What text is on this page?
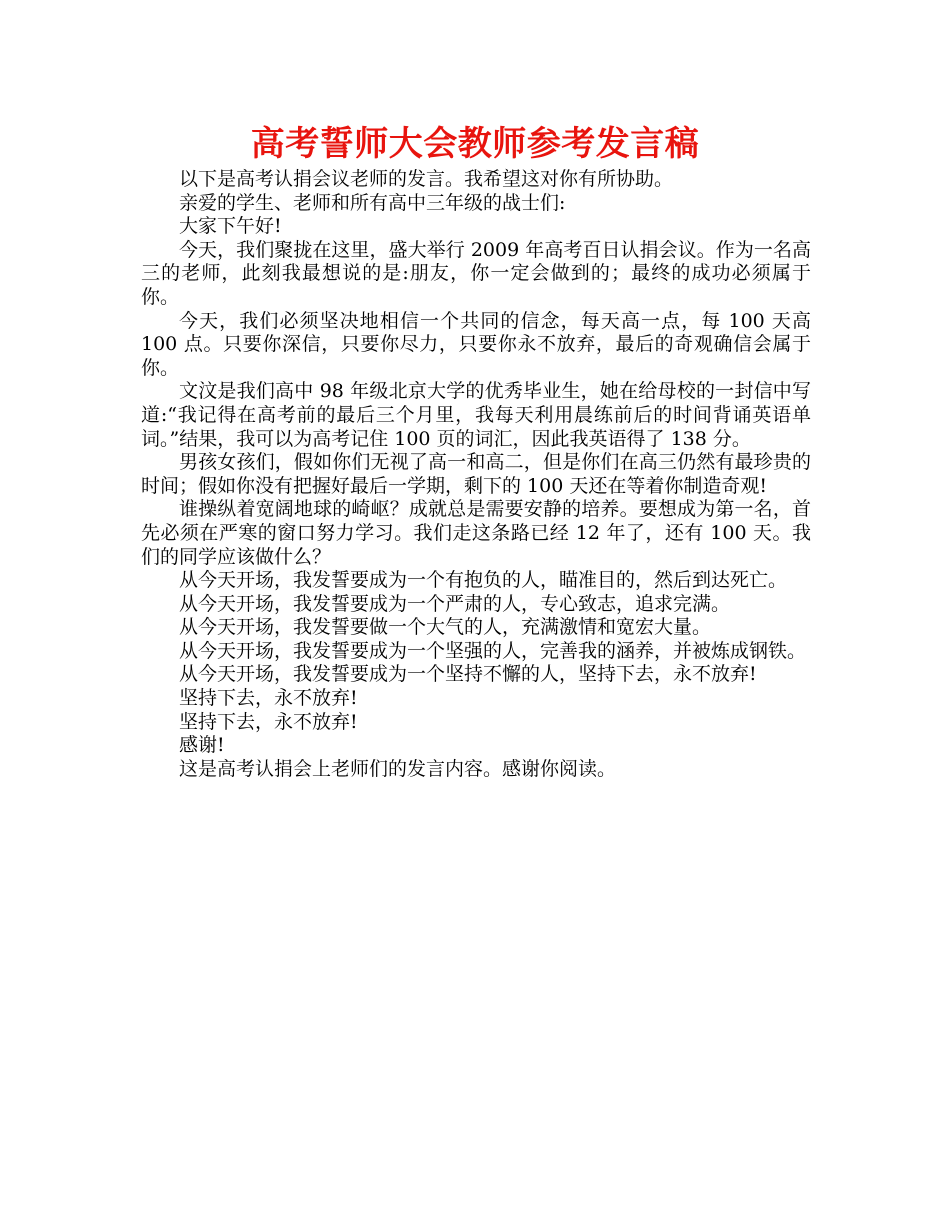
高考誓师大会教师参考发言稿

以下是高考认捐会议老师的发言。我希望这对你有所协助。

亲爱的学生、老师和所有高中三年级的战士们:

大家下午好!

今天，我们聚拢在这里，盛大举行 2009 年高考百日认捐会议。作为一名高三的老师，此刻我最想说的是:朋友，你一定会做到的；最终的成功必须属于你。

今天，我们必须坚决地相信一个共同的信念，每天高一点，每 100 天高 100 点。只要你深信，只要你尽力，只要你永不放弃，最后的奇观确信会属于你。

文汶是我们高中 98 年级北京大学的优秀毕业生，她在给母校的一封信中写道:“我记得在高考前的最后三个月里，我每天利用晨练前后的时间背诵英语单词。”结果，我可以为高考记住 100 页的词汇，因此我英语得了 138 分。

男孩女孩们，假如你们无视了高一和高二，但是你们在高三仍然有最珍贵的时间；假如你没有把握好最后一学期，剩下的 100 天还在等着你制造奇观!

谁操纵着宽阔地球的崎岖？成就总是需要安静的培养。要想成为第一名，首先必须在严寒的窗口努力学习。我们走这条路已经 12 年了，还有 100 天。我们的同学应该做什么？

从今天开场，我发誓要成为一个有抱负的人，瞄准目的，然后到达死亡。

从今天开场，我发誓要成为一个严肃的人，专心致志，追求完满。

从今天开场，我发誓要做一个大气的人，充满激情和宽宏大量。

从今天开场，我发誓要成为一个坚强的人，完善我的涵养，并被炼成钢铁。

从今天开场，我发誓要成为一个坚持不懈的人，坚持下去，永不放弃!

坚持下去，永不放弃!

坚持下去，永不放弃!

感谢!

这是高考认捐会上老师们的发言内容。感谢你阅读。
